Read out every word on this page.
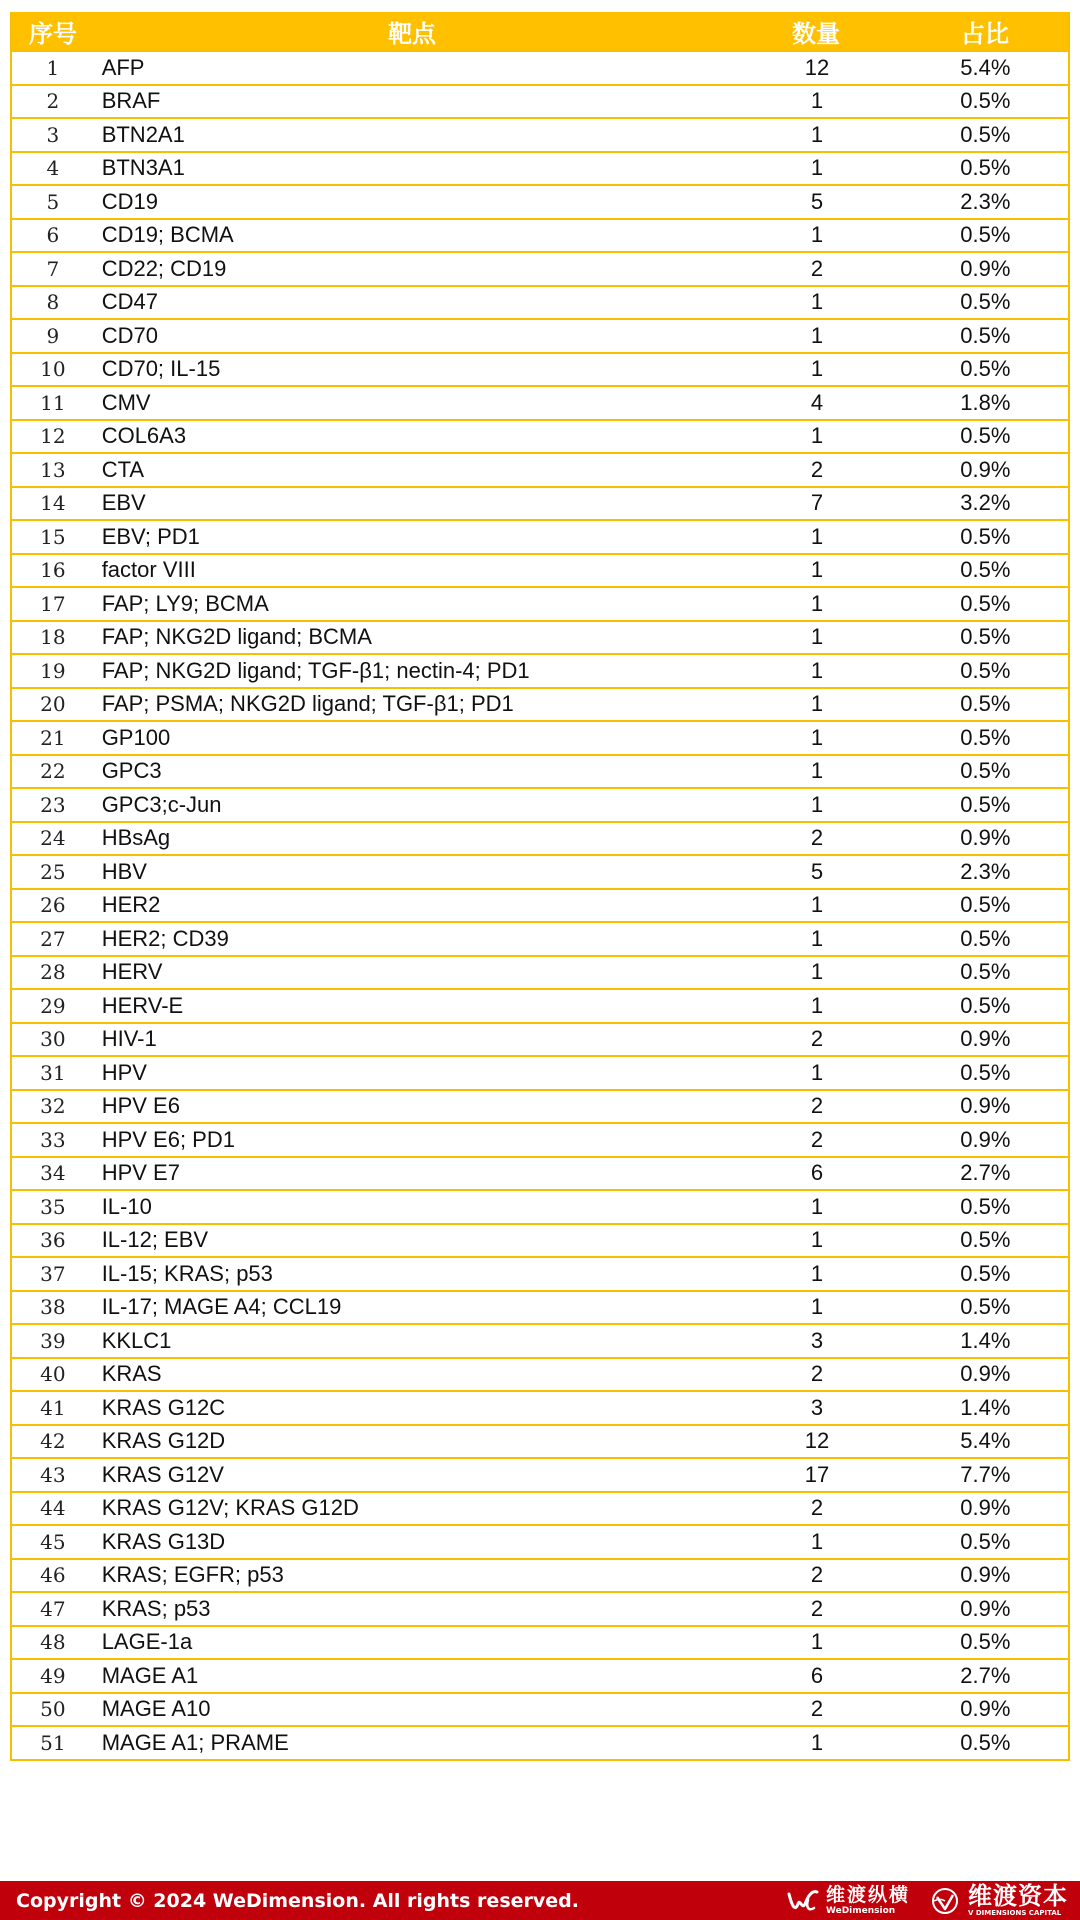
序号	靶点	数量	占比
1	AFP	12	5.4%
2	BRAF	1	0.5%
3	BTN2A1	1	0.5%
4	BTN3A1	1	0.5%
5	CD19	5	2.3%
6	CD19; BCMA	1	0.5%
7	CD22; CD19	2	0.9%
8	CD47	1	0.5%
9	CD70	1	0.5%
10	CD70; IL-15	1	0.5%
11	CMV	4	1.8%
12	COL6A3	1	0.5%
13	CTA	2	0.9%
14	EBV	7	3.2%
15	EBV; PD1	1	0.5%
16	factor VIII	1	0.5%
17	FAP; LY9; BCMA	1	0.5%
18	FAP; NKG2D ligand; BCMA	1	0.5%
19	FAP; NKG2D ligand; TGF-β1; nectin-4; PD1	1	0.5%
20	FAP; PSMA; NKG2D ligand; TGF-β1; PD1	1	0.5%
21	GP100	1	0.5%
22	GPC3	1	0.5%
23	GPC3;c-Jun	1	0.5%
24	HBsAg	2	0.9%
25	HBV	5	2.3%
26	HER2	1	0.5%
27	HER2; CD39	1	0.5%
28	HERV	1	0.5%
29	HERV-E	1	0.5%
30	HIV-1	2	0.9%
31	HPV	1	0.5%
32	HPV E6	2	0.9%
33	HPV E6; PD1	2	0.9%
34	HPV E7	6	2.7%
35	IL-10	1	0.5%
36	IL-12; EBV	1	0.5%
37	IL-15; KRAS; p53	1	0.5%
38	IL-17; MAGE A4; CCL19	1	0.5%
39	KKLC1	3	1.4%
40	KRAS	2	0.9%
41	KRAS G12C	3	1.4%
42	KRAS G12D	12	5.4%
43	KRAS G12V	17	7.7%
44	KRAS G12V; KRAS G12D	2	0.9%
45	KRAS G13D	1	0.5%
46	KRAS; EGFR; p53	2	0.9%
47	KRAS; p53	2	0.9%
48	LAGE-1a	1	0.5%
49	MAGE A1	6	2.7%
50	MAGE A10	2	0.9%
51	MAGE A1; PRAME	1	0.5%
Copyright © 2024 WeDimension. All rights reserved.	维渡纵横
WeDimension
维渡资本
V DIMENSIONS CAPITAL
